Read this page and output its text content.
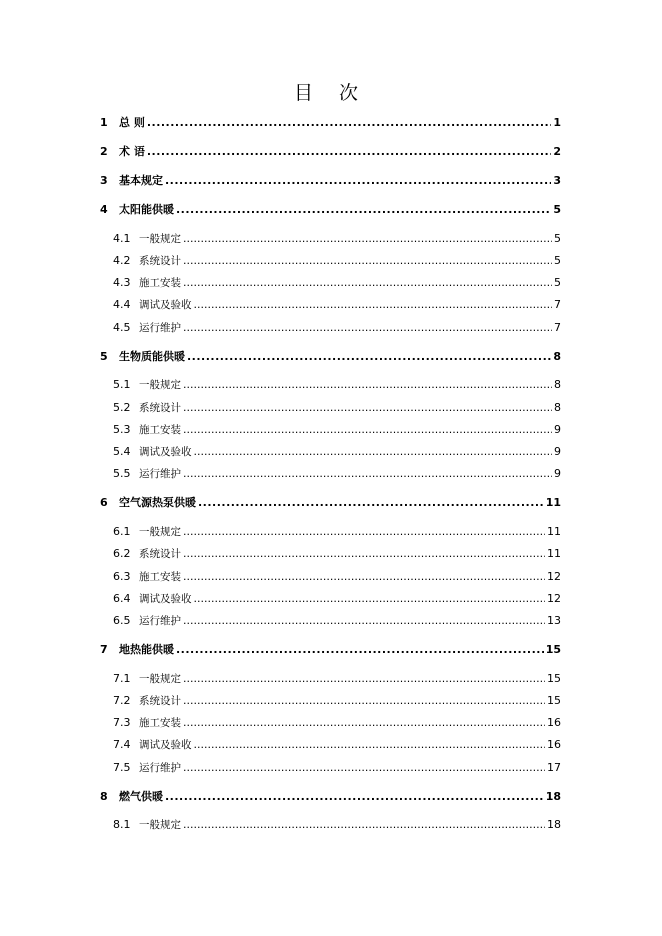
目 次
1	总 则 .....	1
2	术 语 .....	2
3	基本规定 .....	3
4	太阳能供暖 .....	5
4.1 一般规定 .....	5
4.2 系统设计 .....	5
4.3 施工安装 .....	5
4.4 调试及验收 .....	7
4.5 运行维护 .....	7
5	生物质能供暖 .....	8
5.1 一般规定 .....	8
5.2 系统设计 .....	8
5.3 施工安装 .....	9
5.4 调试及验收 .....	9
5.5 运行维护 .....	9
6	空气源热泵供暖 .....	11
6.1 一般规定 .....	11
6.2 系统设计 .....	11
6.3 施工安装 .....	12
6.4 调试及验收 .....	12
6.5 运行维护 .....	13
7	地热能供暖 .....	15
7.1 一般规定 .....	15
7.2 系统设计 .....	15
7.3 施工安装 .....	16
7.4 调试及验收 .....	16
7.5 运行维护 .....	17
8	燃气供暖 .....	18
8.1 一般规定 .....	18
